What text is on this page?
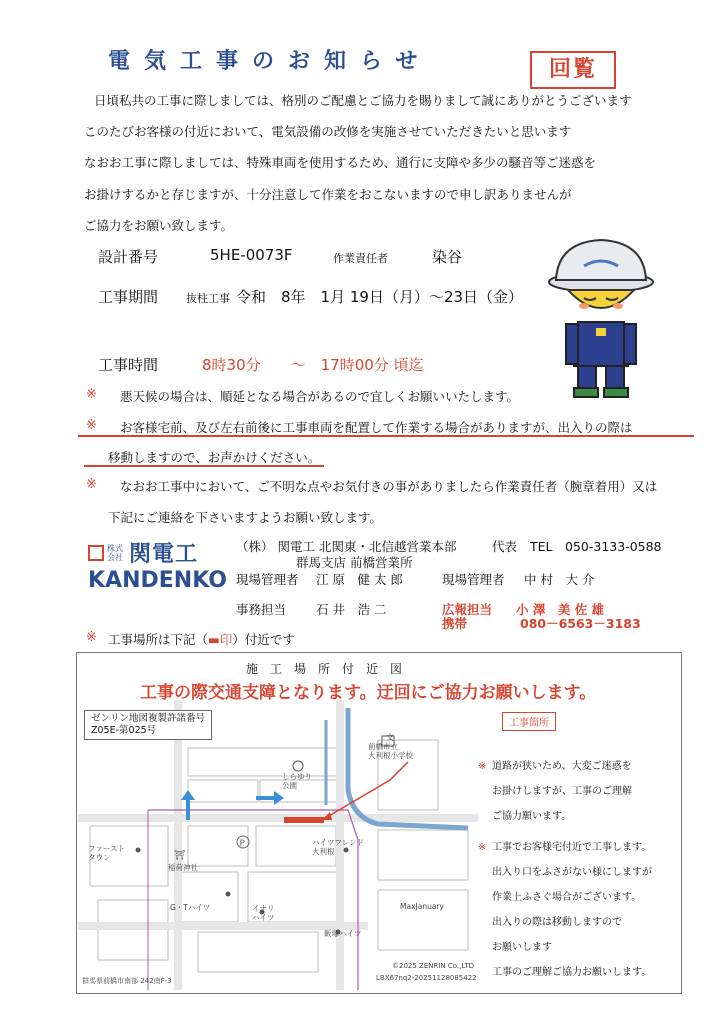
電気工事のお知らせ	回覧
日頃私共の工事に際しましては、格別のご配慮とご協力を賜りまして誠にありがとうございます
このたびお客様の付近において、電気設備の改修を実施させていただきたいと思います
なおお工事に際しましては、特殊車両を使用するため、通行に支障や多少の騒音等ご迷惑を
お掛けするかと存じますが、十分注意して作業をおこないますので申し訳ありませんが
ご協力をお願い致します。
設計番号	5HE-0073F	作業責任者	染谷
工事期間	抜柱工事 令和　8年　1月 19日（月）〜23日（金）
工事時間	8時30分　　〜　17時00分 頃迄
※ 悪天候の場合は、順延となる場合があるので宜しくお願いいたします。
※ お客様宅前、及び左右前後に工事車両を配置して作業する場合がありますが、出入りの際は
移動しますので、お声かけください。
※ なおお工事中において、ご不明な点やお気付きの事がありましたら作業責任者（腕章着用）又は
下記にご連絡を下さいますようお願い致します。
株式会社 関電工
KANDENKO
（株） 関電工 北関東・北信越営業本部	代表 TEL　050-3133-0588
群馬支店 前橋営業所
現場管理者 江 原　健 太 郎	現場管理者 中 村　大 介
事務担当 石 井　浩 二	広報担当 小 澤　美 佐 雄
携帯	080－6563－3183
※ 工事場所は下記（▬印）付近です
施　工　場　所　付　近　図
工事の際交通支障となります。迂回にご協力お願いします。
P
⛩
ゼンリン地図複製許諾番号
Z05E-第025号
工事箇所
文
前橋市立
大利根小学校
しらゆり
公園
ファースト
タウン
稲荷神社
ハイツフレンド
大利根
G・Tハイツ	イナリ
ハイツ
飯塚ハイツ
MaxJanuary
©2025 ZENRIN Co.,LTD
LBX67nq2-20251128085422
群馬県前橋市南部 242南F-3
※ 道路が狭いため、大変ご迷惑を
お掛けしますが、工事のご理解
ご協力願います。
※ 工事でお客様宅付近で工事します。
出入り口をふさがない様にしますが
作業上ふさぐ場合がございます。
出入りの際は移動しますので
お願いします
工事のご理解ご協力お願いします。
